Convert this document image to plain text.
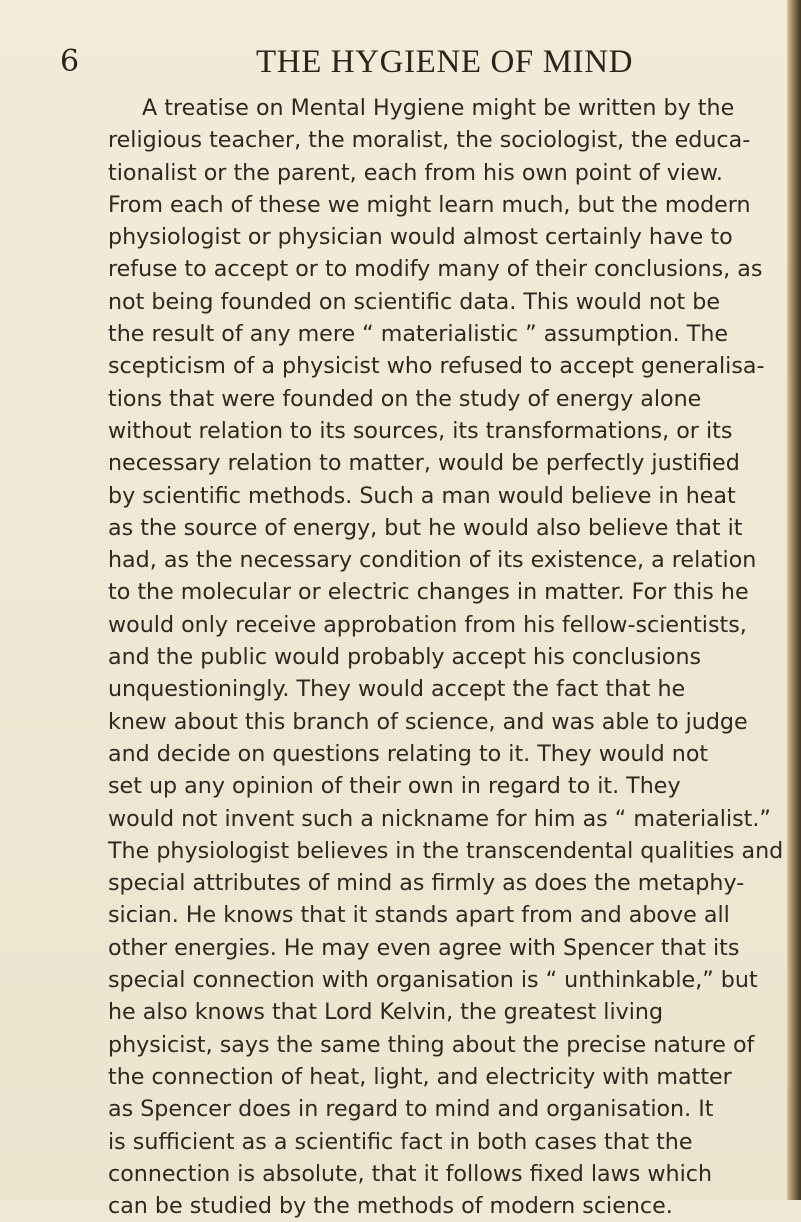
6	THE HYGIENE OF MIND
A treatise on Mental Hygiene might be written by the
religious teacher, the moralist, the sociologist, the educa-
tionalist or the parent, each from his own point of view.
From each of these we might learn much, but the modern
physiologist or physician would almost certainly have to
refuse to accept or to modify many of their conclusions, as
not being founded on scientific data. This would not be
the result of any mere “ materialistic ” assumption. The
scepticism of a physicist who refused to accept generalisa-
tions that were founded on the study of energy alone
without relation to its sources, its transformations, or its
necessary relation to matter, would be perfectly justified
by scientific methods. Such a man would believe in heat
as the source of energy, but he would also believe that it
had, as the necessary condition of its existence, a relation
to the molecular or electric changes in matter. For this he
would only receive approbation from his fellow-scientists,
and the public would probably accept his conclusions
unquestioningly. They would accept the fact that he
knew about this branch of science, and was able to judge
and decide on questions relating to it. They would not
set up any opinion of their own in regard to it. They
would not invent such a nickname for him as “ materialist.”
The physiologist believes in the transcendental qualities and
special attributes of mind as firmly as does the metaphy-
sician. He knows that it stands apart from and above all
other energies. He may even agree with Spencer that its
special connection with organisation is “ unthinkable,” but
he also knows that Lord Kelvin, the greatest living
physicist, says the same thing about the precise nature of
the connection of heat, light, and electricity with matter
as Spencer does in regard to mind and organisation. It
is sufficient as a scientific fact in both cases that the
connection is absolute, that it follows fixed laws which
can be studied by the methods of modern science.
